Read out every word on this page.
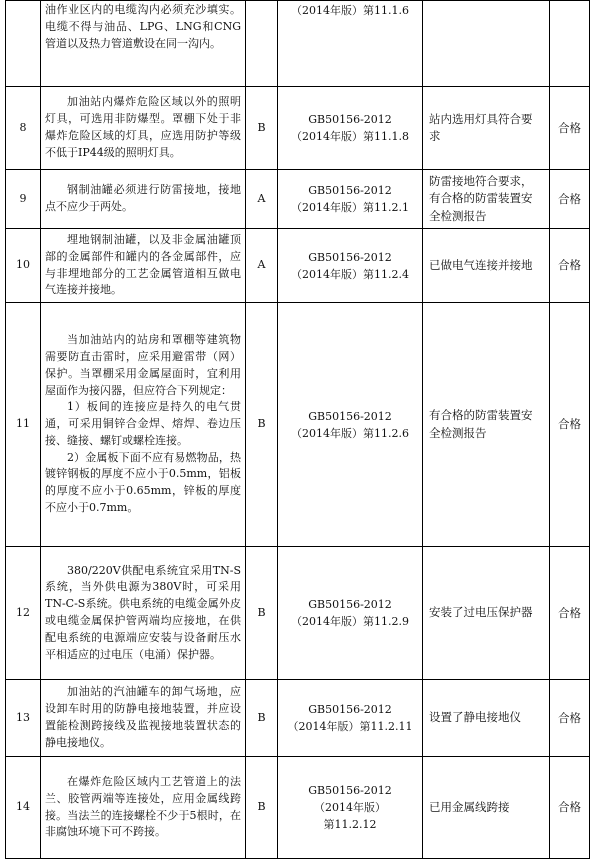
	油作业区内的电缆沟内必须充沙填实。电缆不得与油品、LPG、LNG和CNG管道以及热力管道敷设在同一沟内。		（2014年版）第11.1.6		

8	加油站内爆炸危险区域以外的照明灯具，可选用非防爆型。罩棚下处于非爆炸危险区域的灯具，应选用防护等级不低于IP44级的照明灯具。	B	GB50156-2012
（2014年版）第11.1.8	站内选用灯具符合要求	合格
9	钢制油罐必须进行防雷接地，接地点不应少于两处。	A	GB50156-2012
（2014年版）第11.2.1	防雷接地符合要求，有合格的防雷装置安全检测报告	合格
10	埋地钢制油罐，以及非金属油罐顶部的金属部件和罐内的各金属部件，应与非埋地部分的工艺金属管道相互做电气连接并接地。	A	GB50156-2012
（2014年版）第11.2.4	已做电气连接并接地	合格
11	当加油站内的站房和罩棚等建筑物需要防直击雷时，应采用避雷带（网）保护。当罩棚采用金属屋面时，宜利用屋面作为接闪器，但应符合下列规定：
1）板间的连接应是持久的电气贯通，可采用铜锌合金焊、熔焊、卷边压接、缝接、螺钉或螺栓连接。
2）金属板下面不应有易燃物品，热镀锌钢板的厚度不应小于0.5mm，铝板的厚度不应小于0.65mm，锌板的厚度不应小于0.7mm。	B	GB50156-2012
（2014年版）第11.2.6	有合格的防雷装置安全检测报告	合格
12	380/220V供配电系统宜采用TN-S系统，当外供电源为380V时，可采用TN-C-S系统。供电系统的电缆金属外皮或电缆金属保护管两端均应接地，在供配电系统的电源端应安装与设备耐压水平相适应的过电压（电涌）保护器。	B	GB50156-2012
（2014年版）第11.2.9	安装了过电压保护器	合格
13	加油站的汽油罐车的卸气场地，应设卸车时用的防静电接地装置，并应设置能检测跨接线及监视接地装置状态的静电接地仪。	B	GB50156-2012
（2014年版）第11.2.11	设置了静电接地仪	合格
14	在爆炸危险区域内工艺管道上的法兰、胶管两端等连接处，应用金属线跨接。当法兰的连接螺栓不少于5根时，在非腐蚀环境下可不跨接。	B	GB50156-2012
（2014年版）
第11.2.12	已用金属线跨接	合格
